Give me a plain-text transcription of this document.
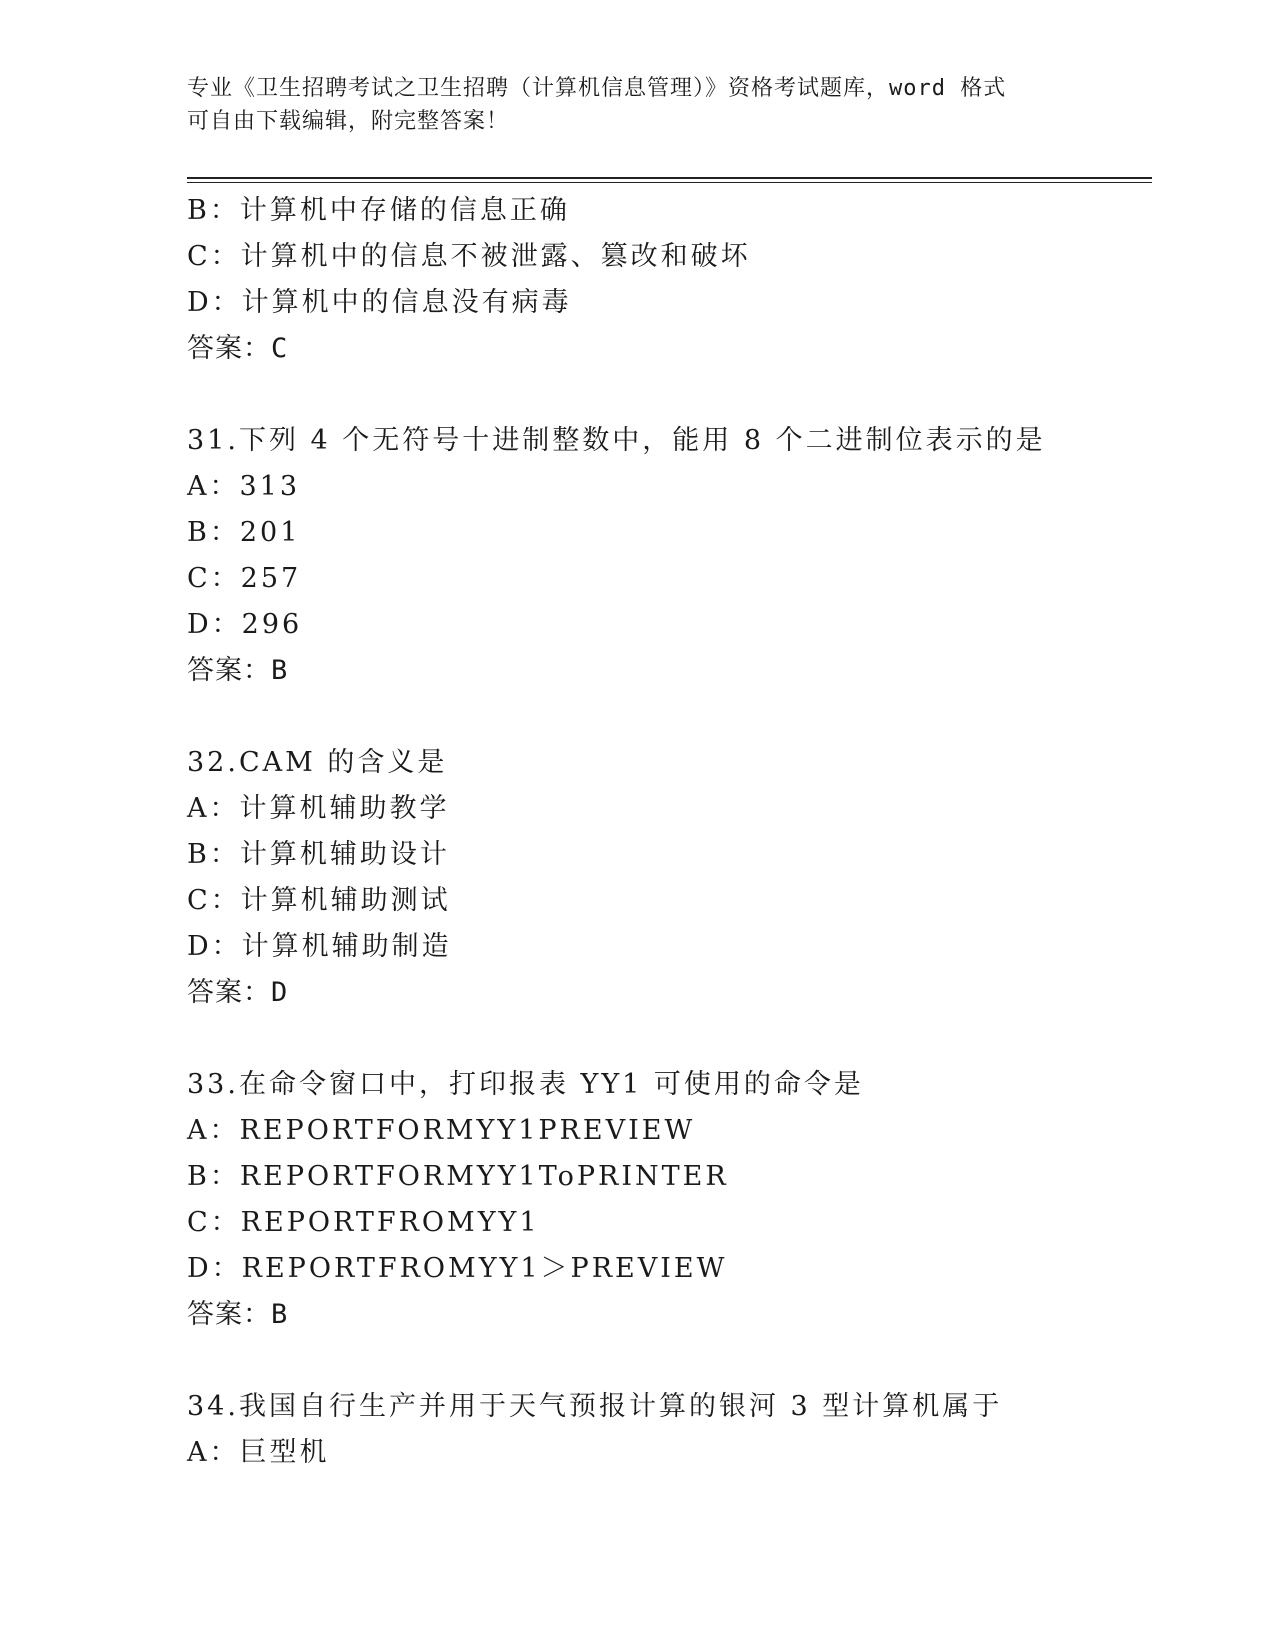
专业《卫生招聘考试之卫生招聘（计算机信息管理）》资格考试题库，word 格式
可自由下载编辑，附完整答案！
B：计算机中存储的信息正确
C：计算机中的信息不被泄露、篡改和破坏
D：计算机中的信息没有病毒
答案：C
31.下列 4 个无符号十进制整数中，能用 8 个二进制位表示的是
A：313
B：201
C：257
D：296
答案：B
32.CAM 的含义是
A：计算机辅助教学
B：计算机辅助设计
C：计算机辅助测试
D：计算机辅助制造
答案：D
33.在命令窗口中，打印报表 YY1 可使用的命令是
A：REPORTFORMYY1PREVIEW
B：REPORTFORMYY1ToPRINTER
C：REPORTFROMYY1
D：REPORTFROMYY1＞PREVIEW
答案：B
34.我国自行生产并用于天气预报计算的银河 3 型计算机属于
A：巨型机
